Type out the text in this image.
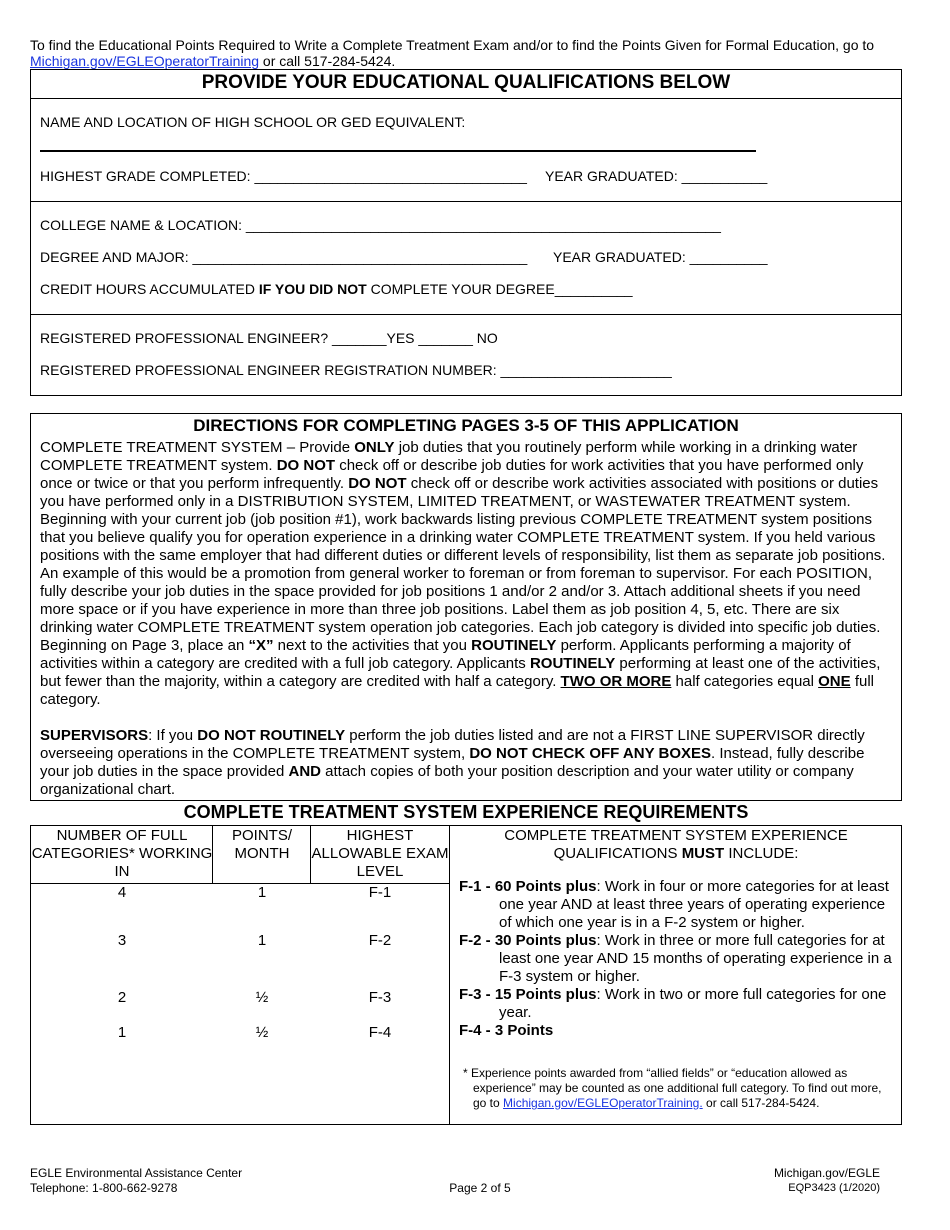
To find the Educational Points Required to Write a Complete Treatment Exam and/or to find the Points Given for Formal Education, go to
Michigan.gov/EGLEOperatorTraining or call 517-284-5424.
PROVIDE YOUR EDUCATIONAL QUALIFICATIONS BELOW
NAME AND LOCATION OF HIGH SCHOOL OR GED EQUIVALENT:
HIGHEST GRADE COMPLETED: ___________________________________ YEAR GRADUATED: ___________
COLLEGE NAME & LOCATION: _____________________________________________________________
DEGREE AND MAJOR: ___________________________________________ YEAR GRADUATED: __________
CREDIT HOURS ACCUMULATED IF YOU DID NOT COMPLETE YOUR DEGREE__________
REGISTERED PROFESSIONAL ENGINEER? _______YES _______ NO
REGISTERED PROFESSIONAL ENGINEER REGISTRATION NUMBER: ______________________
DIRECTIONS FOR COMPLETING PAGES 3-5 OF THIS APPLICATION

COMPLETE TREATMENT SYSTEM – Provide ONLY job duties that you routinely perform while working in a drinking water COMPLETE TREATMENT system. DO NOT check off or describe job duties for work activities that you have performed only once or twice or that you perform infrequently. DO NOT check off or describe work activities associated with positions or duties you have performed only in a DISTRIBUTION SYSTEM, LIMITED TREATMENT, or WASTEWATER TREATMENT system. Beginning with your current job (job position #1), work backwards listing previous COMPLETE TREATMENT system positions that you believe qualify you for operation experience in a drinking water COMPLETE TREATMENT system. If you held various positions with the same employer that had different duties or different levels of responsibility, list them as separate job positions. An example of this would be a promotion from general worker to foreman or from foreman to supervisor. For each POSITION, fully describe your job duties in the space provided for job positions 1 and/or 2 and/or 3. Attach additional sheets if you need more space or if you have experience in more than three job positions. Label them as job position 4, 5, etc. There are six drinking water COMPLETE TREATMENT system operation job categories. Each job category is divided into specific job duties. Beginning on Page 3, place an “X” next to the activities that you ROUTINELY perform. Applicants performing a majority of activities within a category are credited with a full job category. Applicants ROUTINELY performing at least one of the activities, but fewer than the majority, within a category are credited with half a category. TWO OR MORE half categories equal ONE full category.

SUPERVISORS: If you DO NOT ROUTINELY perform the job duties listed and are not a FIRST LINE SUPERVISOR directly overseeing operations in the COMPLETE TREATMENT system, DO NOT CHECK OFF ANY BOXES. Instead, fully describe your job duties in the space provided AND attach copies of both your position description and your water utility or company organizational chart.

COMPLETE TREATMENT SYSTEM EXPERIENCE REQUIREMENTS
NUMBER OF FULL CATEGORIES* WORKING IN
POINTS/ MONTH
HIGHEST ALLOWABLE EXAM LEVEL
COMPLETE TREATMENT SYSTEM EXPERIENCE QUALIFICATIONS MUST INCLUDE:
4	1	F-1
3	1	F-2
2	½	F-3
1	½	F-4

F-1 - 60 Points plus: Work in four or more categories for at least one year AND at least three years of operating experience of which one year is in a F-2 system or higher.

F-2 - 30 Points plus: Work in three or more full categories for at least one year AND 15 months of operating experience in a F-3 system or higher.

F-3 - 15 Points plus: Work in two or more full categories for one year.

F-4 - 3 Points

* Experience points awarded from “allied fields” or “education allowed as experience” may be counted as one additional full category. To find out more, go to Michigan.gov/EGLEOperatorTraining. or call 517-284-5424.
EGLE Environmental Assistance Center
Telephone: 1-800-662-9278	Page 2 of 5
Michigan.gov/EGLE
EQP3423 (1/2020)
